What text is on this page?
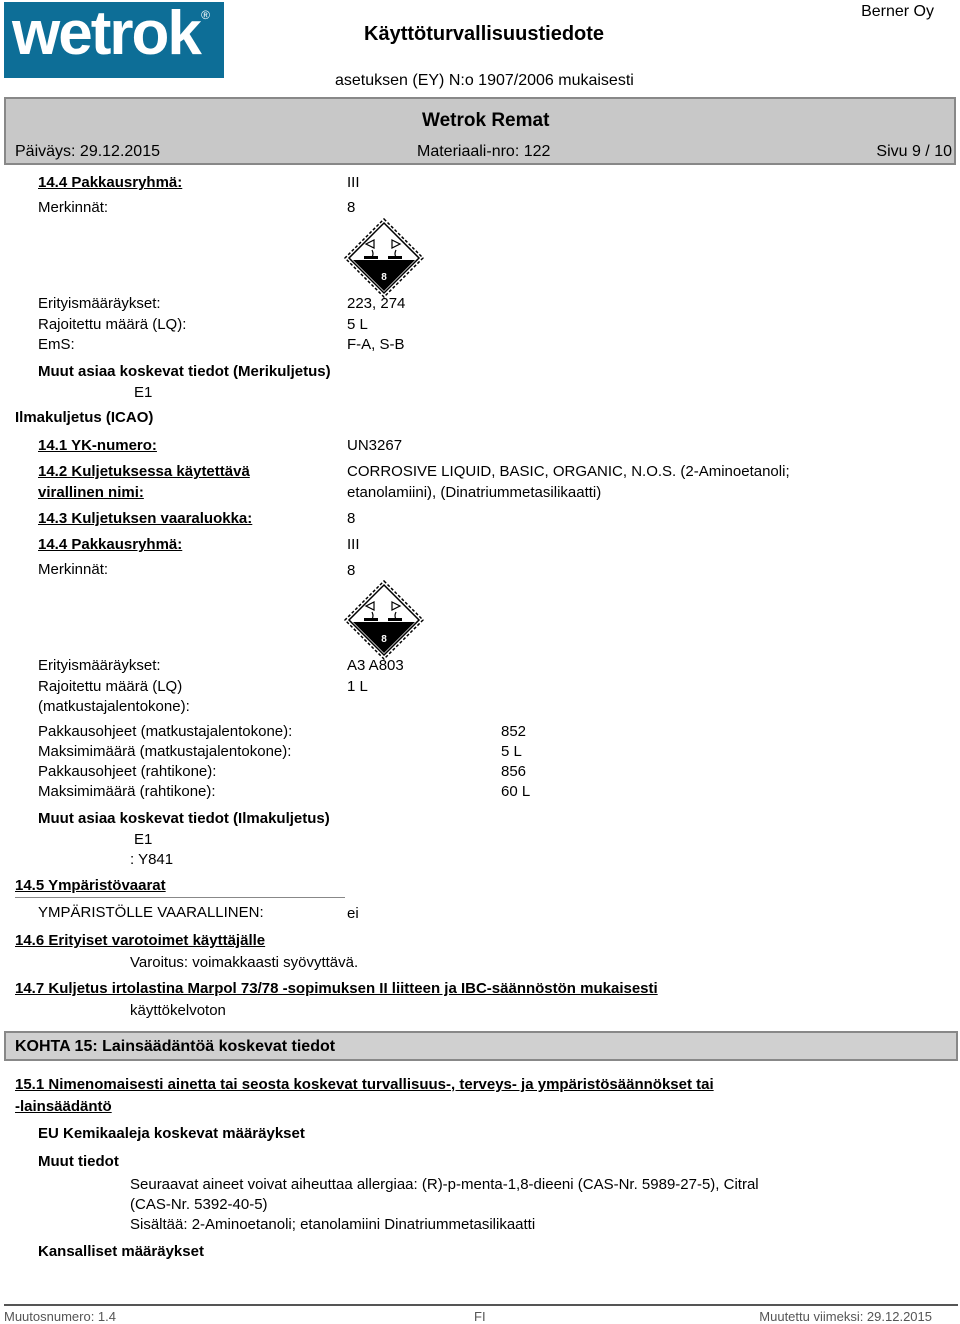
wetrok ®	Berner Oy
Käyttöturvallisuustiedote
asetuksen (EY) N:o 1907/2006 mukaisesti
Wetrok Remat
Päiväys: 29.12.2015	Materiaali-nro: 122	Sivu 9 / 10
14.4 Pakkausryhmä:	III
Merkinnät:	8
8
Erityismääräykset:	223, 274
Rajoitettu määrä (LQ):	5 L
EmS:	F-A, S-B
Muut asiaa koskevat tiedot (Merikuljetus)
E1
Ilmakuljetus (ICAO)
14.1 YK-numero:	UN3267
14.2 Kuljetuksessa käytettävä
virallinen nimi:
CORROSIVE LIQUID, BASIC, ORGANIC, N.O.S. (2-Aminoetanoli;
etanolamiini), (Dinatriummetasilikaatti)
14.3 Kuljetuksen vaaraluokka:	8
14.4 Pakkausryhmä:	III
Merkinnät:	8
8
Erityismääräykset:	A3 A803
Rajoitettu määrä (LQ)
(matkustajalentokone):
1 L
Pakkausohjeet (matkustajalentokone):	852
Maksimimäärä (matkustajalentokone):	5 L
Pakkausohjeet (rahtikone):	856
Maksimimäärä (rahtikone):	60 L
Muut asiaa koskevat tiedot (Ilmakuljetus)
E1
: Y841
14.5 Ympäristövaarat
YMPÄRISTÖLLE VAARALLINEN:	ei
14.6 Erityiset varotoimet käyttäjälle
Varoitus: voimakkaasti syövyttävä.
14.7 Kuljetus irtolastina Marpol 73/78 -sopimuksen II liitteen ja IBC-säännöstön mukaisesti
käyttökelvoton
KOHTA 15: Lainsäädäntöä koskevat tiedot
15.1 Nimenomaisesti ainetta tai seosta koskevat turvallisuus-, terveys- ja ympäristösäännökset tai
-lainsäädäntö
EU Kemikaaleja koskevat määräykset
Muut tiedot
Seuraavat aineet voivat aiheuttaa allergiaa: (R)-p-menta-1,8-dieeni (CAS-Nr. 5989-27-5), Citral
(CAS-Nr. 5392-40-5)
Sisältää: 2-Aminoetanoli; etanolamiini Dinatriummetasilikaatti
Kansalliset määräykset
Muutosnumero: 1.4	FI	Muutettu viimeksi: 29.12.2015
